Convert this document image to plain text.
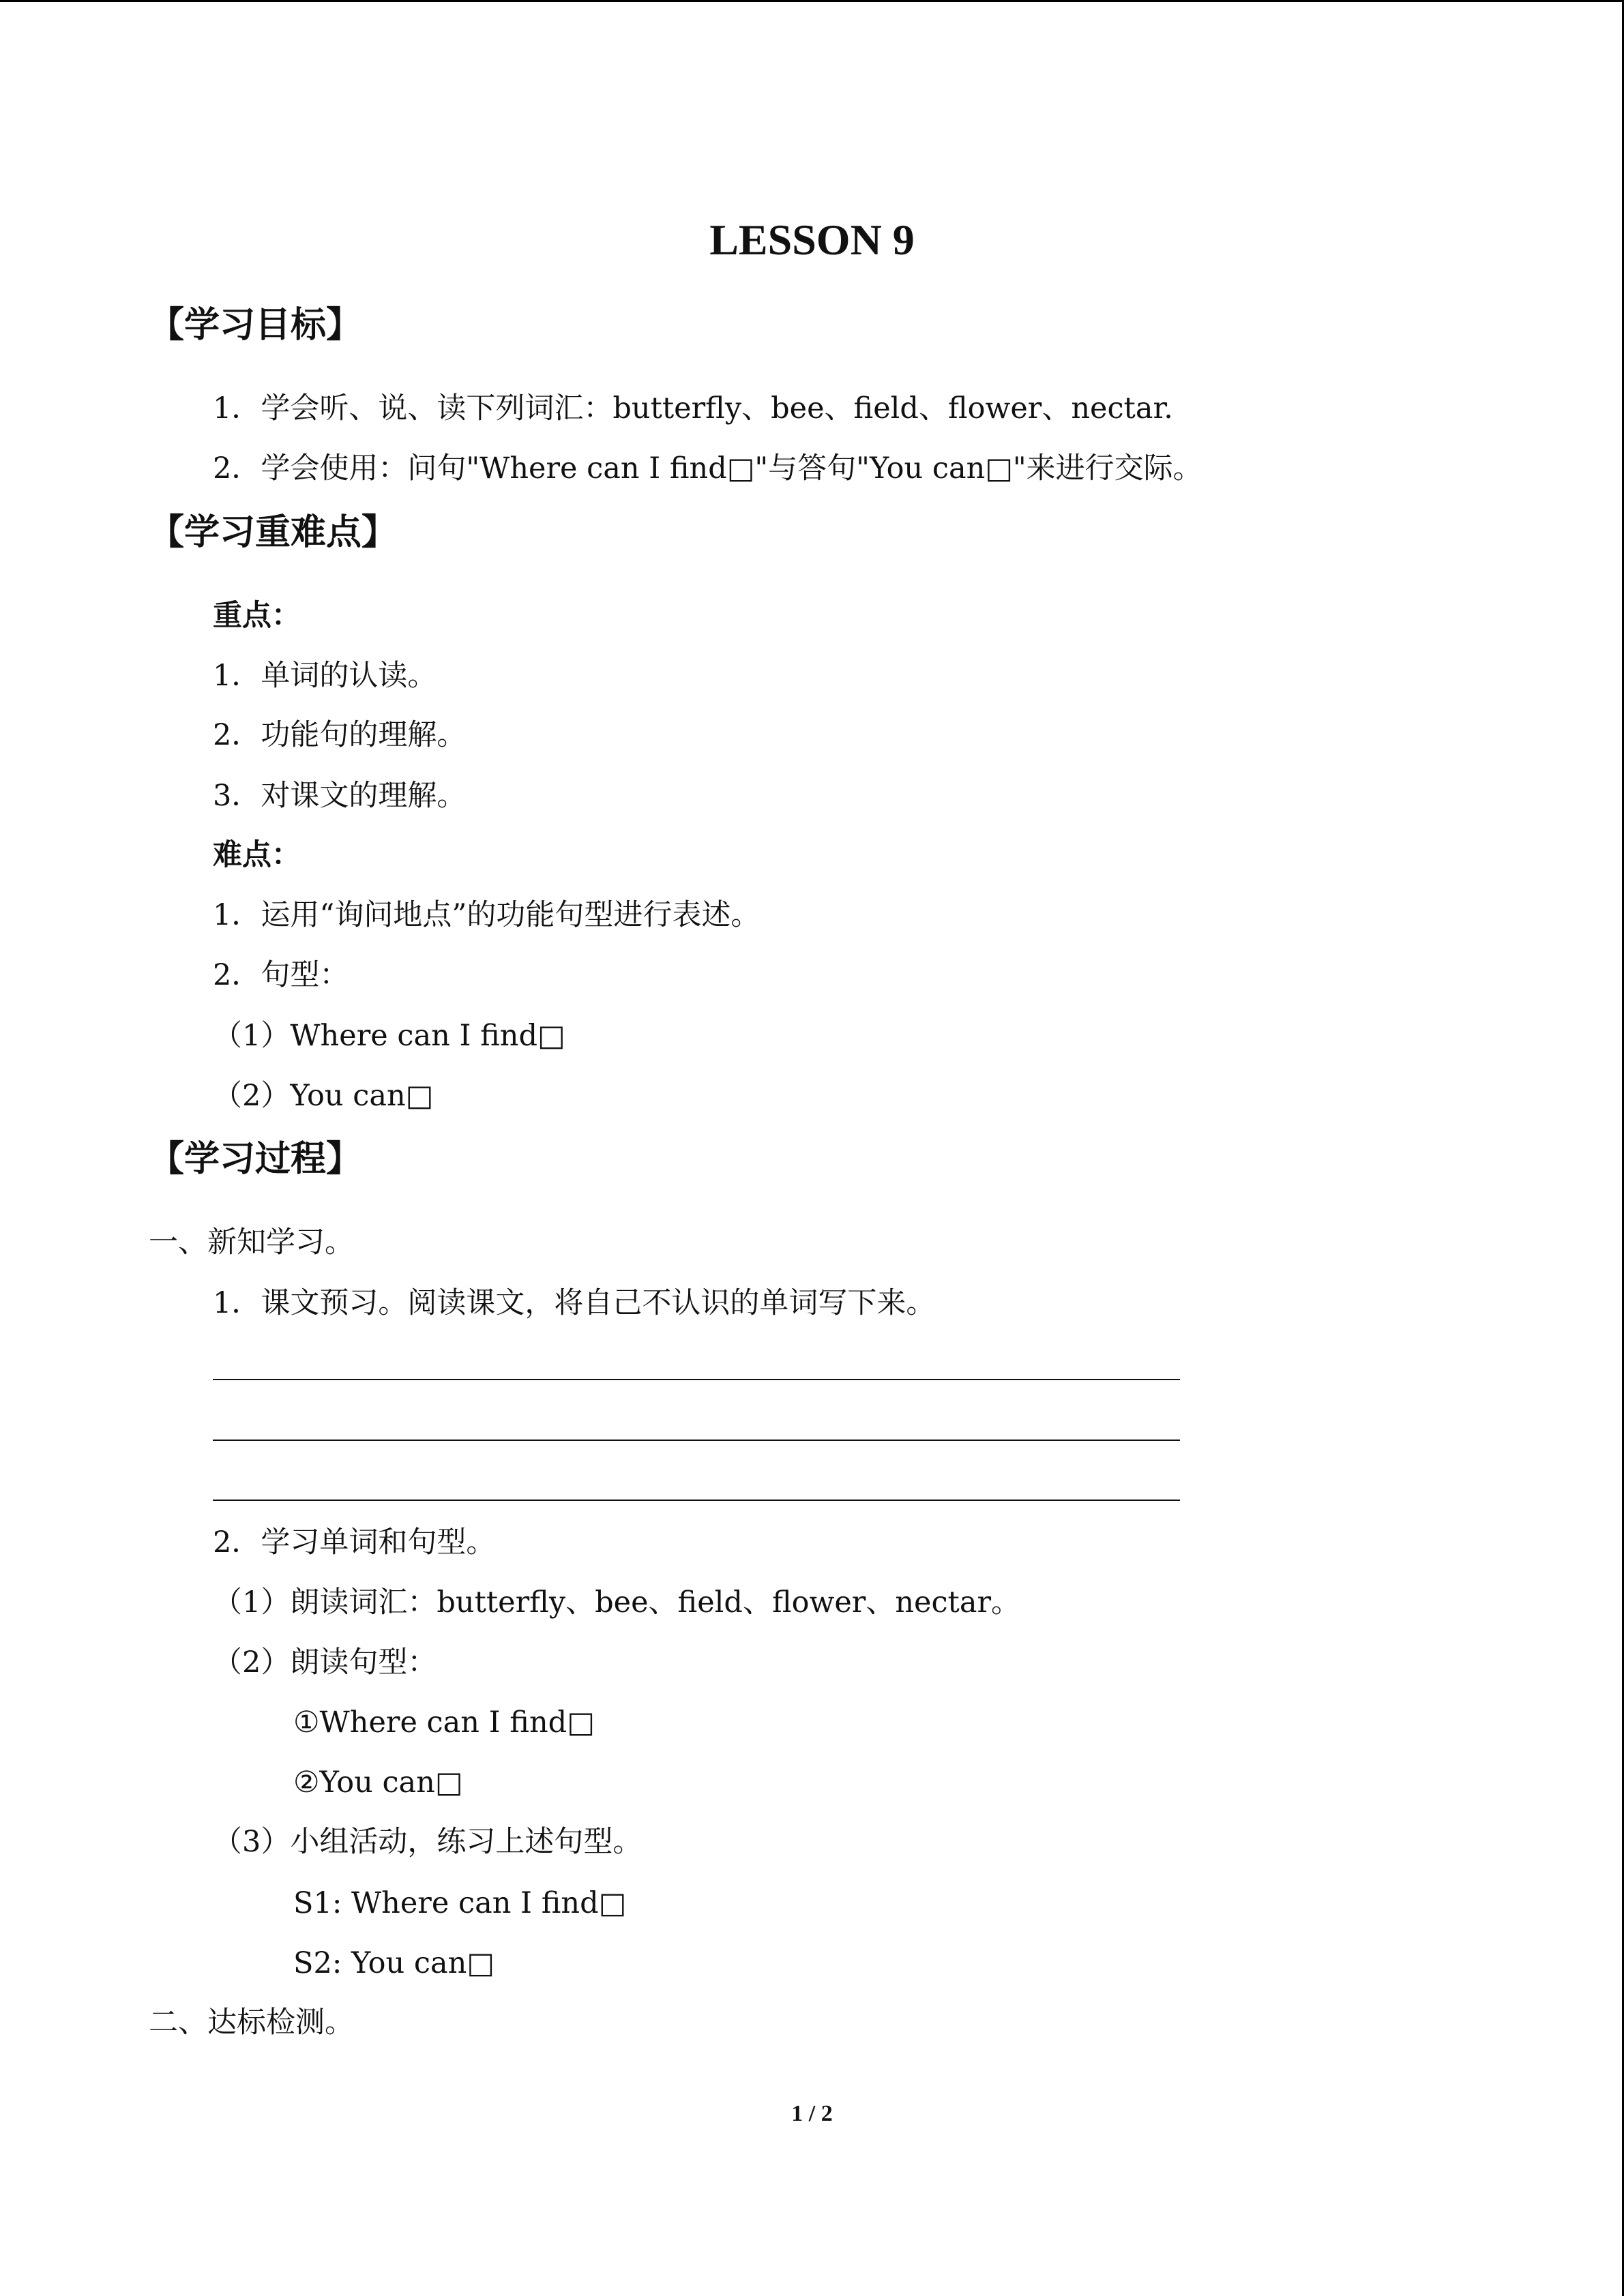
LESSON 9
【学习目标】
1．学会听、说、读下列词汇：butterfly、bee、field、flower、nectar.
2．学会使用：问句"Where can I find□"与答句"You can□"来进行交际。
【学习重难点】
重点：
1．单词的认读。
2．功能句的理解。
3．对课文的理解。
难点：
1．运用“询问地点”的功能句型进行表述。
2．句型：
（1）Where can I find□
（2）You can□
【学习过程】
一、新知学习。
1．课文预习。阅读课文，将自己不认识的单词写下来。
2．学习单词和句型。
（1）朗读词汇：butterfly、bee、field、flower、nectar。
（2）朗读句型：
①Where can I find□
②You can□
（3）小组活动，练习上述句型。
S1: Where can I find□
S2: You can□
二、达标检测。
1 / 2
